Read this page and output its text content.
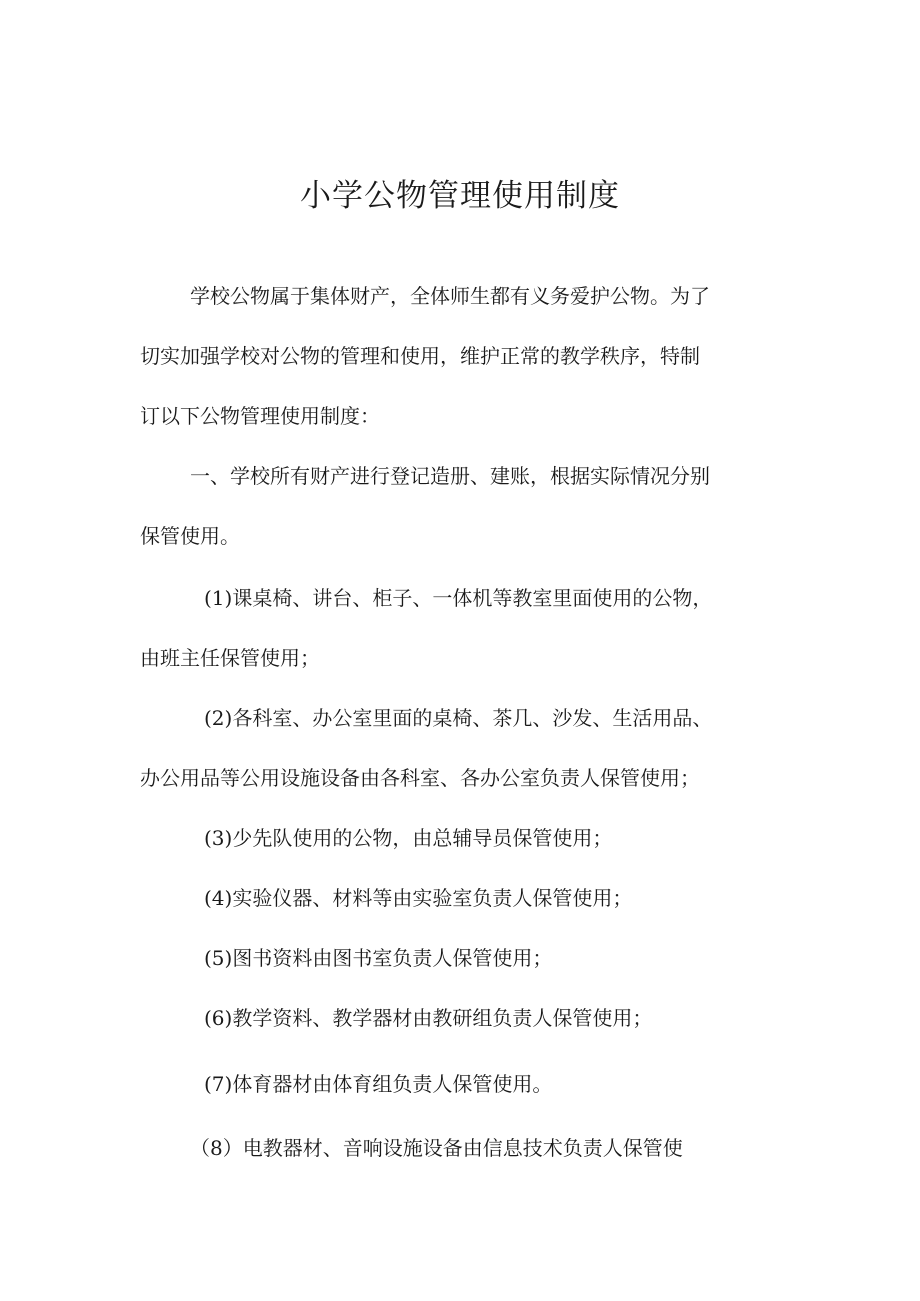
小学公物管理使用制度

学校公物属于集体财产，全体师生都有义务爱护公物。为了

切实加强学校对公物的管理和使用，维护正常的教学秩序，特制

订以下公物管理使用制度：

一、学校所有财产进行登记造册、建账，根据实际情况分别

保管使用。

(1)课桌椅、讲台、柜子、一体机等教室里面使用的公物，

由班主任保管使用；

(2)各科室、办公室里面的桌椅、茶几、沙发、生活用品、

办公用品等公用设施设备由各科室、各办公室负责人保管使用；

(3)少先队使用的公物，由总辅导员保管使用；

(4)实验仪器、材料等由实验室负责人保管使用；

(5)图书资料由图书室负责人保管使用；

(6)教学资料、教学器材由教研组负责人保管使用；

(7)体育器材由体育组负责人保管使用。

（8）电教器材、音响设施设备由信息技术负责人保管使
